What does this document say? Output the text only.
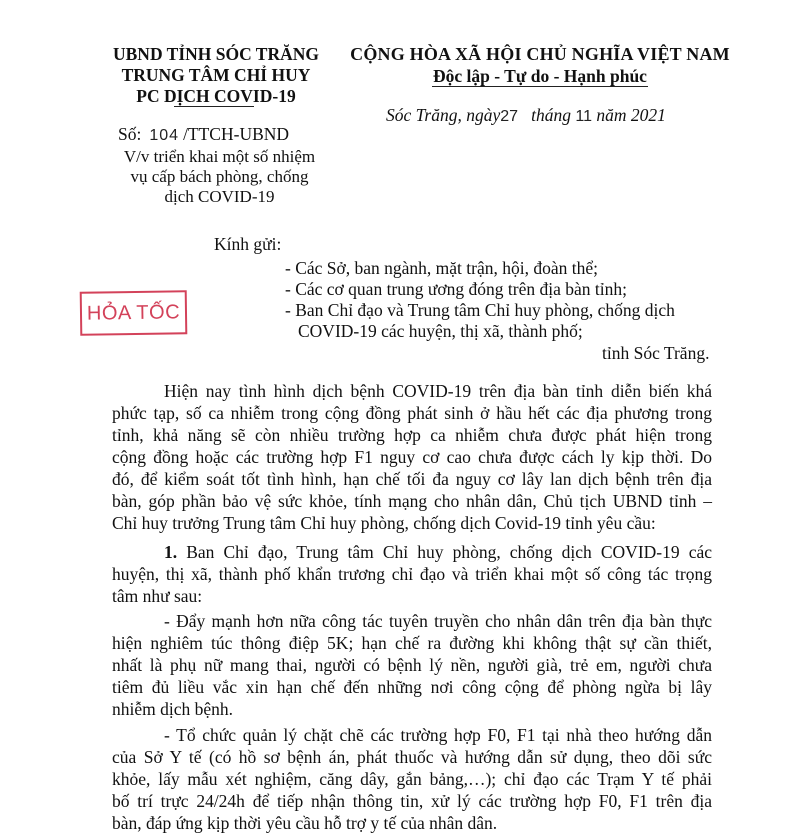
UBND TỈNH SÓC TRĂNG
TRUNG TÂM CHỈ HUY
PC DỊCH COVID-19
CỘNG HÒA XÃ HỘI CHỦ NGHĨA VIỆT NAM
Độc lập - Tự do - Hạnh phúc
Số: 104 /TTCH-UBND
V/v triển khai một số nhiệm
vụ cấp bách phòng, chống
dịch COVID-19
Sóc Trăng, ngày27 tháng 11 năm 2021
Kính gửi:
- Các Sở, ban ngành, mặt trận, hội, đoàn thể;
- Các cơ quan trung ương đóng trên địa bàn tỉnh;
- Ban Chỉ đạo và Trung tâm Chỉ huy phòng, chống dịch
COVID-19 các huyện, thị xã, thành phố;
tỉnh Sóc Trăng.
HỎA TỐC
Hiện nay tình hình dịch bệnh COVID-19 trên địa bàn tỉnh diễn biến khá
phức tạp, số ca nhiễm trong cộng đồng phát sinh ở hầu hết các địa phương trong
tỉnh, khả năng sẽ còn nhiều trường hợp ca nhiễm chưa được phát hiện trong
cộng đồng hoặc các trường hợp F1 nguy cơ cao chưa được cách ly kịp thời. Do
đó, để kiểm soát tốt tình hình, hạn chế tối đa nguy cơ lây lan dịch bệnh trên địa
bàn, góp phần bảo vệ sức khỏe, tính mạng cho nhân dân, Chủ tịch UBND tỉnh –
Chỉ huy trưởng Trung tâm Chỉ huy phòng, chống dịch Covid-19 tỉnh yêu cầu:
1. Ban Chỉ đạo, Trung tâm Chỉ huy phòng, chống dịch COVID-19 các
huyện, thị xã, thành phố khẩn trương chỉ đạo và triển khai một số công tác trọng
tâm như sau:
- Đẩy mạnh hơn nữa công tác tuyên truyền cho nhân dân trên địa bàn thực
hiện nghiêm túc thông điệp 5K; hạn chế ra đường khi không thật sự cần thiết,
nhất là phụ nữ mang thai, người có bệnh lý nền, người già, trẻ em, người chưa
tiêm đủ liều vắc xin hạn chế đến những nơi công cộng để phòng ngừa bị lây
nhiễm dịch bệnh.
- Tổ chức quản lý chặt chẽ các trường hợp F0, F1 tại nhà theo hướng dẫn
của Sở Y tế (có hồ sơ bệnh án, phát thuốc và hướng dẫn sử dụng, theo dõi sức
khỏe, lấy mẫu xét nghiệm, căng dây, gắn bảng,…); chỉ đạo các Trạm Y tế phải
bố trí trực 24/24h để tiếp nhận thông tin, xử lý các trường hợp F0, F1 trên địa
bàn, đáp ứng kịp thời yêu cầu hỗ trợ y tế của nhân dân.
